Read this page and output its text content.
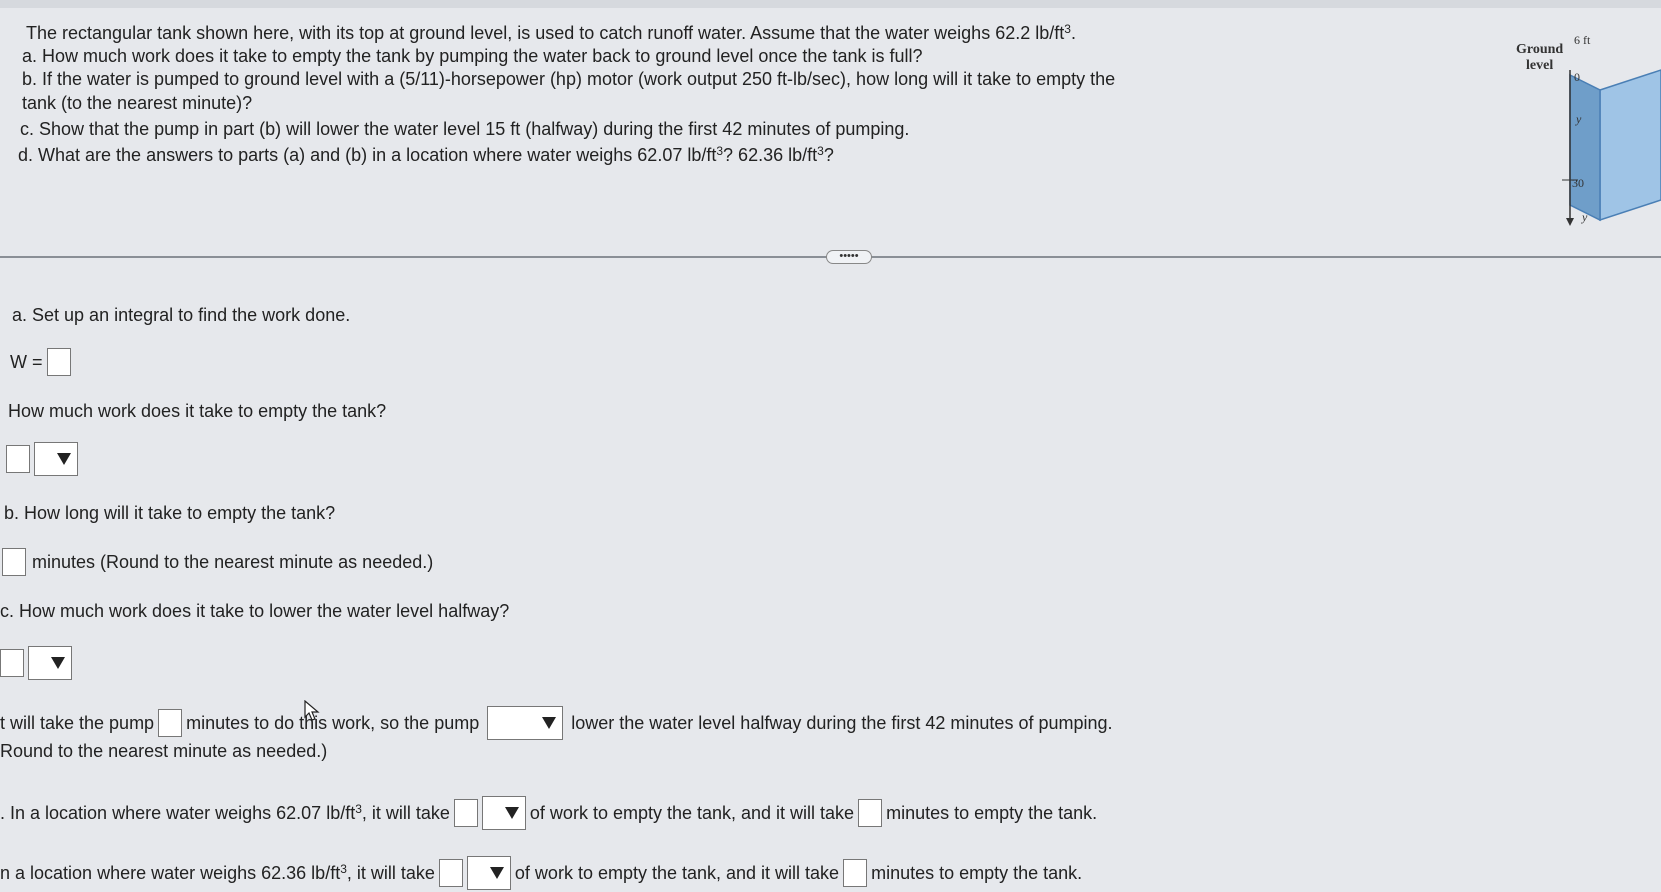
The rectangular tank shown here, with its top at ground level, is used to catch runoff water. Assume that the water weighs 62.2 $lb/ft^3$.
a. How much work does it take to empty the tank by pumping the water back to ground level once the tank is full?
b. If the water is pumped to ground level with a (5/11)-horsepower (hp) motor (work output 250 ft-lb/sec), how long will it take to empty the
tank (to the nearest minute)?
c. Show that the pump in part (b) will lower the water level 15 ft (halfway) during the first 42 minutes of pumping.
d. What are the answers to parts (a) and (b) in a location where water weighs 62.07 $lb/ft^3$? 62.36 $lb/ft^3$?
Ground
level
6 ft
0
y
30
y
•••••
a. Set up an integral to find the work done.
W =
How much work does it take to empty the tank?
b. How long will it take to empty the tank?
minutes (Round to the nearest minute as needed.)
c. How much work does it take to lower the water level halfway?
t will take the pump minutes to do this work, so the pump	lower the water level halfway during the first 42 minutes of pumping.
Round to the nearest minute as needed.)
. In a location where water weighs 62.07 $lb/ft^3$, it will take	of work to empty the tank, and it will take minutes to empty the tank.
n a location where water weighs 62.36 $lb/ft^3$, it will take	of work to empty the tank, and it will take minutes to empty the tank.
